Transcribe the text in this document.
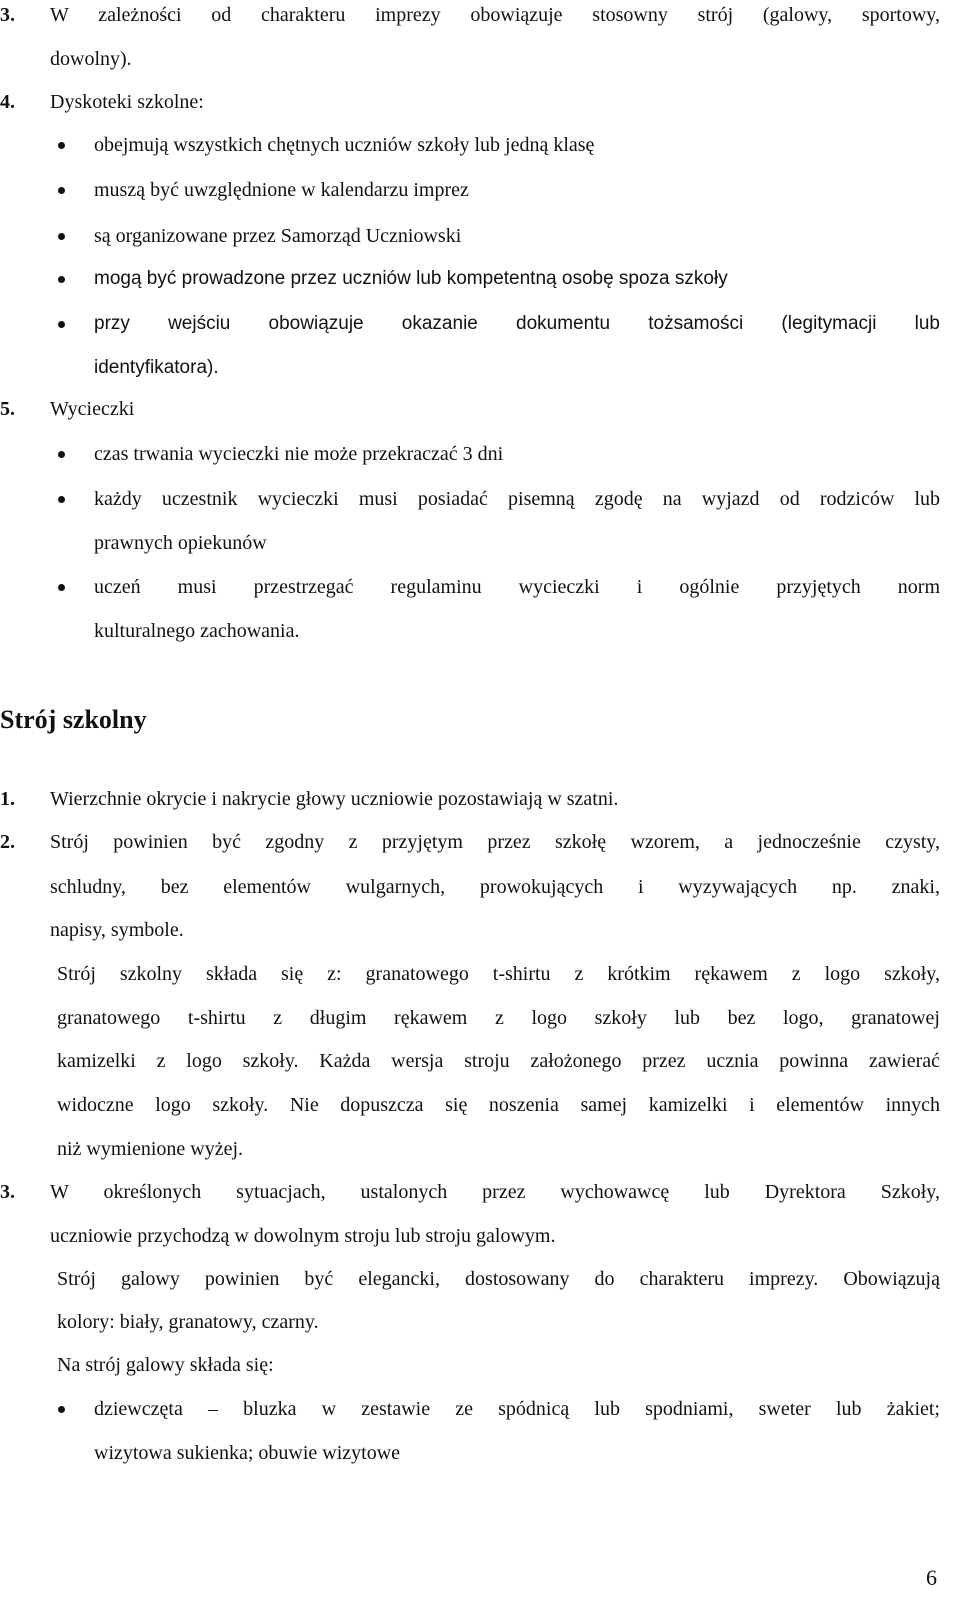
3. W zależności od charakteru imprezy obowiązuje stosowny strój (galowy, sportowy,
dowolny).
4. Dyskoteki szkolne:
obejmują wszystkich chętnych uczniów szkoły lub jedną klasę
muszą być uwzględnione w kalendarzu imprez
są organizowane przez Samorząd Uczniowski
mogą być prowadzone przez uczniów lub kompetentną osobę spoza szkoły
przy wejściu obowiązuje okazanie dokumentu tożsamości (legitymacji lub
identyfikatora).
5. Wycieczki
czas trwania wycieczki nie może przekraczać 3 dni
każdy uczestnik wycieczki musi posiadać pisemną zgodę na wyjazd od rodziców lub
prawnych opiekunów
uczeń musi przestrzegać regulaminu wycieczki i ogólnie przyjętych norm
kulturalnego zachowania.
Strój szkolny
1. Wierzchnie okrycie i nakrycie głowy uczniowie pozostawiają w szatni.
2. Strój powinien być zgodny z przyjętym przez szkołę wzorem, a jednocześnie czysty,
schludny, bez elementów wulgarnych, prowokujących i wyzywających np. znaki,
napisy, symbole.
Strój szkolny składa się z: granatowego t-shirtu z krótkim rękawem z logo szkoły,
granatowego t-shirtu z długim rękawem z logo szkoły lub bez logo, granatowej
kamizelki z logo szkoły. Każda wersja stroju założonego przez ucznia powinna zawierać
widoczne logo szkoły. Nie dopuszcza się noszenia samej kamizelki i elementów innych
niż wymienione wyżej.
3. W określonych sytuacjach, ustalonych przez wychowawcę lub Dyrektora Szkoły,
uczniowie przychodzą w dowolnym stroju lub stroju galowym.
Strój galowy powinien być elegancki, dostosowany do charakteru imprezy. Obowiązują
kolory: biały, granatowy, czarny.
Na strój galowy składa się:
dziewczęta – bluzka w zestawie ze spódnicą lub spodniami, sweter lub żakiet;
wizytowa sukienka; obuwie wizytowe
6
